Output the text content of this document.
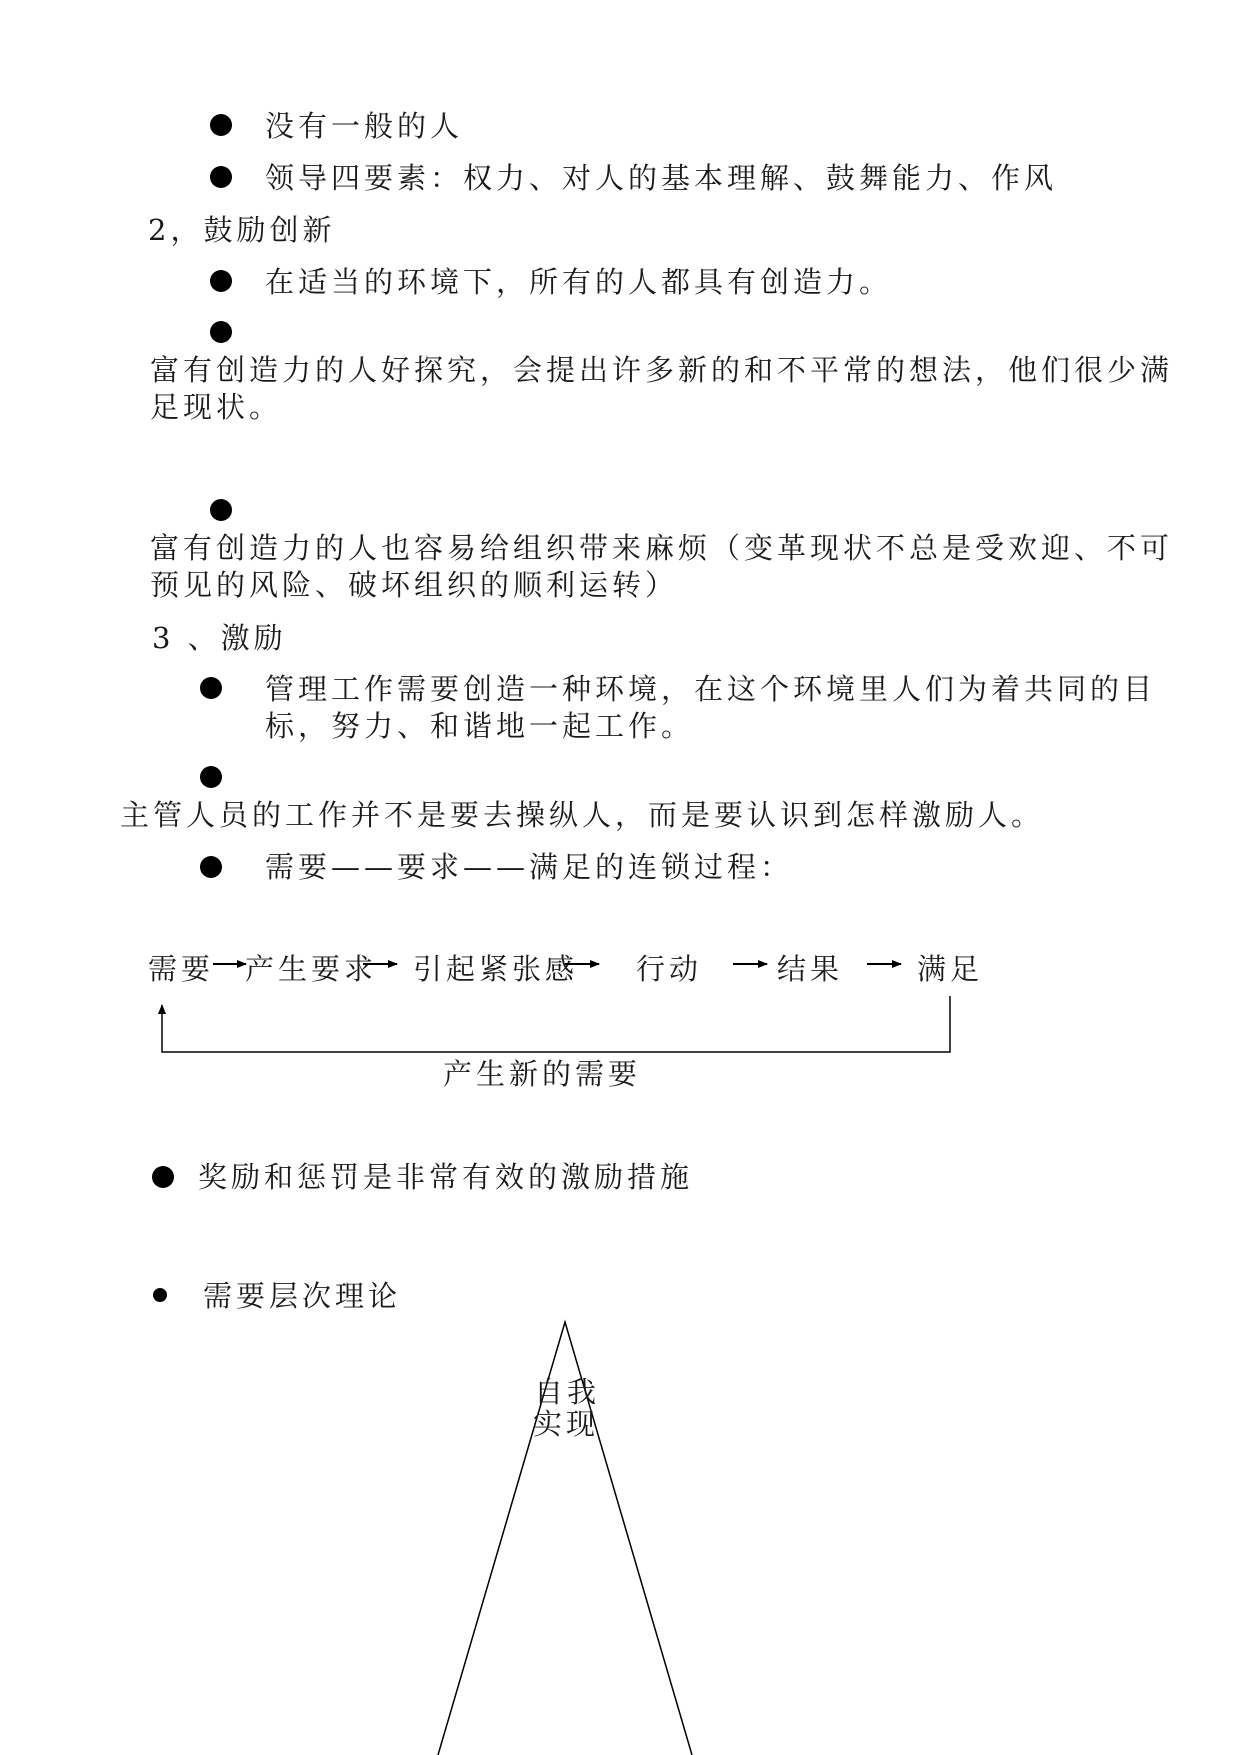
没有一般的人
领导四要素：权力、对人的基本理解、鼓舞能力、作风
2，鼓励创新
在适当的环境下，所有的人都具有创造力。
富有创造力的人好探究，会提出许多新的和不平常的想法，他们很少满
足现状。
富有创造力的人也容易给组织带来麻烦（变革现状不总是受欢迎、不可
预见的风险、破坏组织的顺利运转）
3 、激励
管理工作需要创造一种环境，在这个环境里人们为着共同的目
标，努力、和谐地一起工作。
主管人员的工作并不是要去操纵人，而是要认识到怎样激励人。
需要——要求——满足的连锁过程：
需要 产生要求 引起紧张感 行动	结果	满足
产生新的需要
奖励和惩罚是非常有效的激励措施
需要层次理论
自我
实现
